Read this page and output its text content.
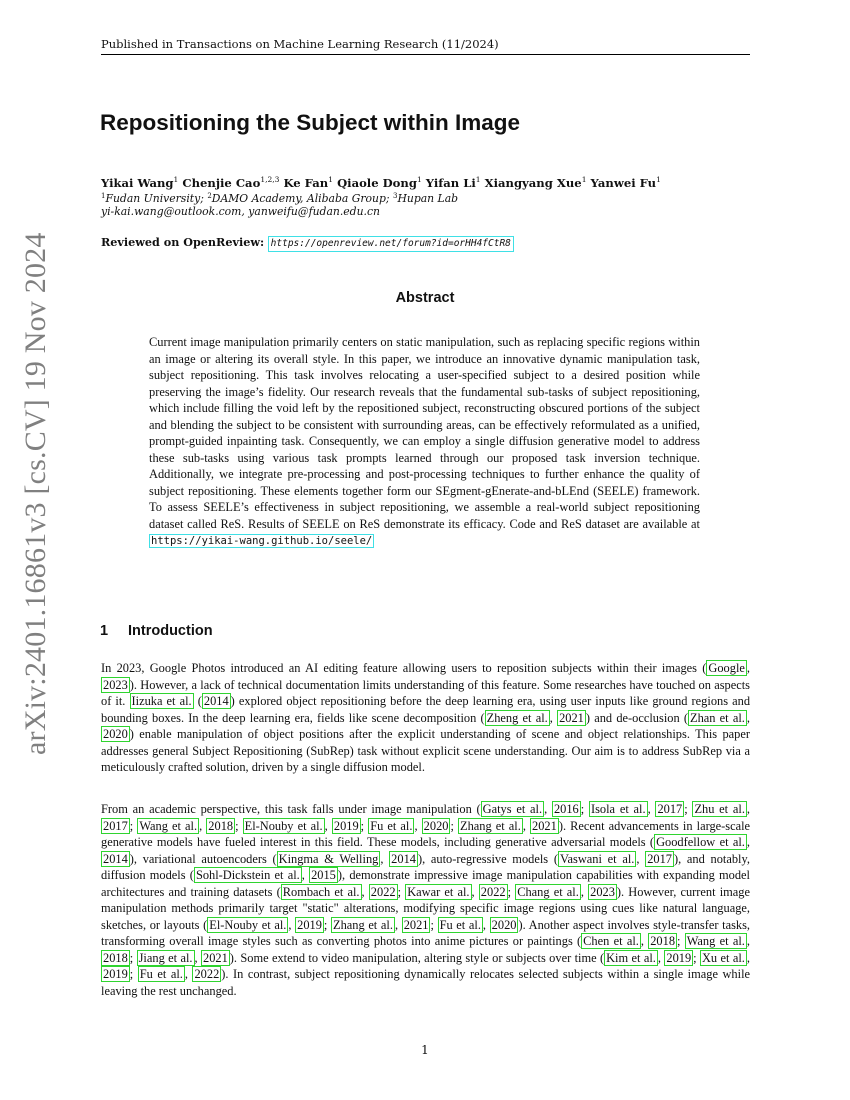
Published in Transactions on Machine Learning Research (11/2024)
arXiv:2401.16861v3 [cs.CV] 19 Nov 2024
Repositioning the Subject within Image
Yikai Wang$^1$ Chenjie Cao$^{1,2,3}$ Ke Fan$^1$ Qiaole Dong$^1$ Yifan Li$^1$ Xiangyang Xue$^1$ Yanwei Fu$^1$
$^1$Fudan University; $^2$DAMO Academy, Alibaba Group; $^3$Hupan Lab
yi-kai.wang@outlook.com, yanweifu@fudan.edu.cn
Reviewed on OpenReview: https://openreview.net/forum?id=orHH4fCtR8
Abstract
Current image manipulation primarily centers on static manipulation, such as replacing specific regions within an image or altering its overall style. In this paper, we introduce an innovative dynamic manipulation task, subject repositioning. This task involves relocating a user-specified subject to a desired position while preserving the image’s fidelity. Our research reveals that the fundamental sub-tasks of subject repositioning, which include filling the void left by the repositioned subject, reconstructing obscured portions of the subject and blending the subject to be consistent with surrounding areas, can be effectively reformulated as a unified, prompt-guided inpainting task. Consequently, we can employ a single diffusion generative model to address these sub-tasks using various task prompts learned through our proposed task inversion technique. Additionally, we integrate pre-processing and post-processing techniques to further enhance the quality of subject repositioning. These elements together form our SEgment-gEnerate-and-bLEnd (SEELE) framework. To assess SEELE’s effectiveness in subject repositioning, we assemble a real-world subject repositioning dataset called ReS. Results of SEELE on ReS demonstrate its efficacy. Code and ReS dataset are available at https://yikai-wang.github.io/seele/
1 Introduction
In 2023, Google Photos introduced an AI editing feature allowing users to reposition subjects within their images ( Google , 2023 ). However, a lack of technical documentation limits understanding of this feature. Some researches have touched on aspects of it. Iizuka et al. ( 2014 ) explored object repositioning before the deep learning era, using user inputs like ground regions and bounding boxes. In the deep learning era, fields like scene decomposition ( Zheng et al. , 2021 ) and de-occlusion ( Zhan et al. , 2020 ) enable manipulation of object positions after the explicit understanding of scene and object relationships. This paper addresses general Subject Repositioning (SubRep) task without explicit scene understanding. Our aim is to address SubRep via a meticulously crafted solution, driven by a single diffusion model.
From an academic perspective, this task falls under image manipulation ( Gatys et al. , 2016 ; Isola et al. , 2017 ; Zhu et al. , 2017 ; Wang et al. , 2018 ; El-Nouby et al. , 2019 ; Fu et al. , 2020 ; Zhang et al. , 2021 ). Recent advancements in large-scale generative models have fueled interest in this field. These models, including generative adversarial models ( Goodfellow et al. , 2014 ), variational autoencoders ( Kingma & Welling , 2014 ), auto-regressive models ( Vaswani et al. , 2017 ), and notably, diffusion models ( Sohl-Dickstein et al. , 2015 ), demonstrate impressive image manipulation capabilities with expanding model architectures and training datasets ( Rombach et al. , 2022 ; Kawar et al. , 2022 ; Chang et al. , 2023 ). However, current image manipulation methods primarily target "static" alterations, modifying specific image regions using cues like natural language, sketches, or layouts ( El-Nouby et al. , 2019 ; Zhang et al. , 2021 ; Fu et al. , 2020 ). Another aspect involves style-transfer tasks, transforming overall image styles such as converting photos into anime pictures or paintings ( Chen et al. , 2018 ; Wang et al. , 2018 ; Jiang et al. , 2021 ). Some extend to video manipulation, altering style or subjects over time ( Kim et al. , 2019 ; Xu et al. , 2019 ; Fu et al. , 2022 ). In contrast, subject repositioning dynamically relocates selected subjects within a single image while leaving the rest unchanged.
1
